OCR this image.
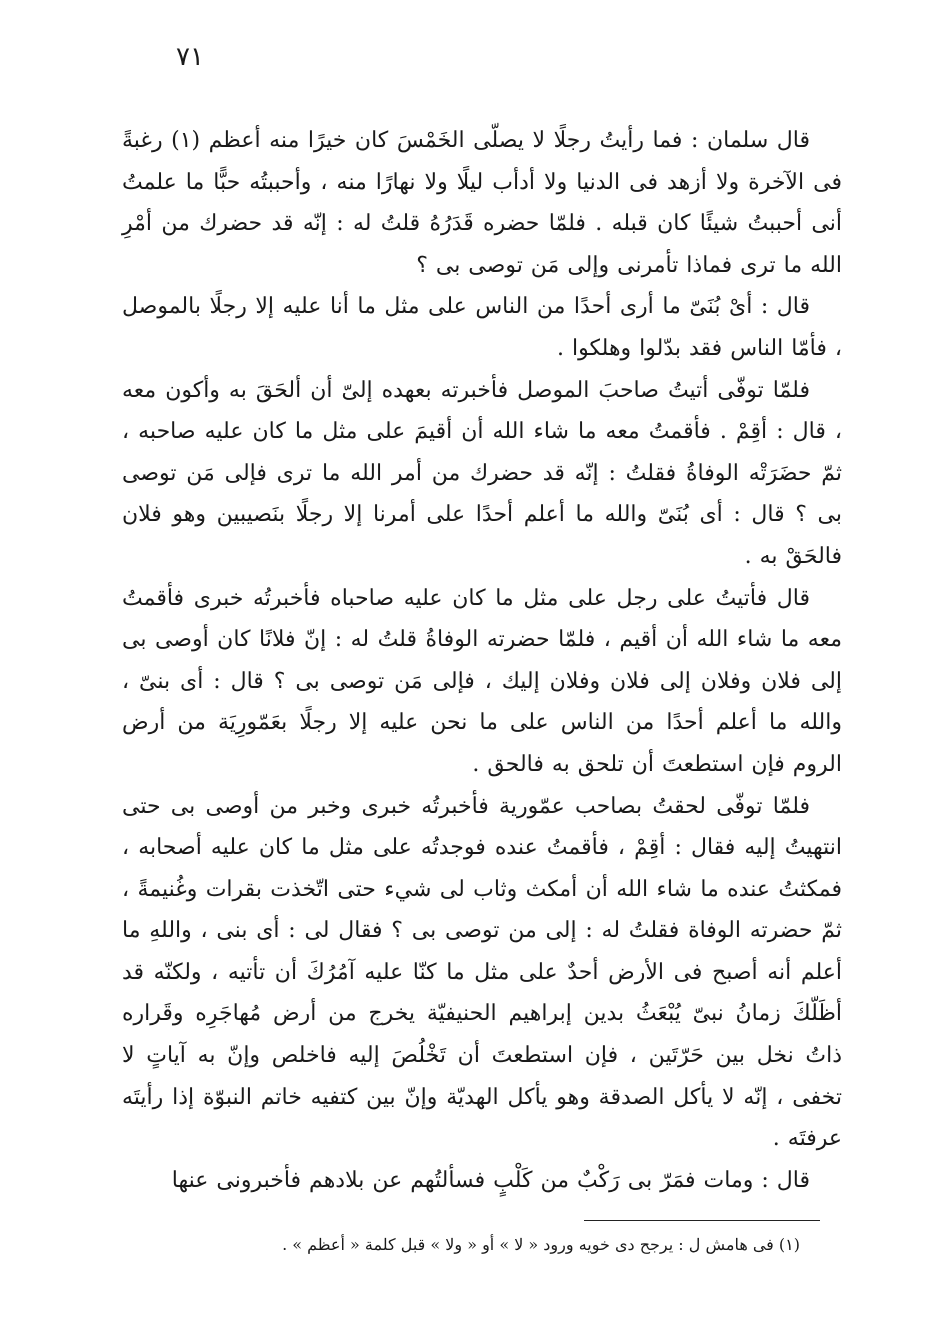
٧١

قال سلمان : فما رأيتُ رجلًا لا يصلّى الخَمْسَ كان خيرًا منه أعظم (١) رغبةً فى الآخرة ولا أزهد فى الدنيا ولا أدأب ليلًا ولا نهارًا منه ، وأحببتُه حبًّا ما علمتُ أنى أحببتُ شيئًا كان قبله . فلمّا حضره قَدَرُهُ قلتُ له : إنّه قد حضرك من أمْرِ الله ما ترى فماذا تأمرنى وإلى مَن توصى بى ؟

قال : أىْ بُنَىّ ما أرى أحدًا من الناس على مثل ما أنا عليه إلا رجلًا بالموصل ، فأمّا الناس فقد بدّلوا وهلكوا .

فلمّا توفّى أتيتُ صاحبَ الموصل فأخبرته بعهده إلىّ أن ألحَقَ به وأكون معه ، قال : أقِمْ . فأقمتُ معه ما شاء الله أن أقيمَ على مثل ما كان عليه صاحبه ، ثمّ حضَرَتْه الوفاةُ فقلتُ : إنّه قد حضرك من أمر الله ما ترى فإلى مَن توصى بى ؟ قال : أى بُنَىّ والله ما أعلم أحدًا على أمرنا إلا رجلًا بنَصيبين وهو فلان فالحَقْ به .

قال فأتيتُ على رجل على مثل ما كان عليه صاحباه فأخبرتُه خبرى فأقمتُ معه ما شاء الله أن أقيم ، فلمّا حضرته الوفاةُ قلتُ له : إنّ فلانًا كان أوصى بى إلى فلان وفلان إلى فلان وفلان إليك ، فإلى مَن توصى بى ؟ قال : أى بنىّ ، والله ما أعلم أحدًا من الناس على ما نحن عليه إلا رجلًا بعَمّورِيَة من أرض الروم فإن استطعتَ أن تلحق به فالحق .

فلمّا توفّى لحقتُ بصاحب عمّورية فأخبرتُه خبرى وخبر من أوصى بى حتى انتهيتُ إليه فقال : أقِمْ ، فأقمتُ عنده فوجدتُه على مثل ما كان عليه أصحابه ، فمكثتُ عنده ما شاء الله أن أمكث وثاب لى شيء حتى اتّخذت بقرات وغُنيمةً ، ثمّ حضرته الوفاة فقلتُ له : إلى من توصى بى ؟ فقال لى : أى بنى ، واللهِ ما أعلم أنه أصبح فى الأرض أحدٌ على مثل ما كنّا عليه آمُرُكَ أن تأتيه ، ولكنّه قد أظَلّكَ زمانُ نبىّ يُبْعَثُ بدين إبراهيم الحنيفيّة يخرج من أرض مُهاجَرِه وقَراره ذاتُ نخل بين حَرّتَين ، فإن استطعتَ أن تَخْلُصَ إليه فاخلص وإنّ به آياتٍ لا تخفى ، إنّه لا يأكل الصدقة وهو يأكل الهديّة وإنّ بين كتفيه خاتم النبوّة إذا رأيتَه عرفتَه .

قال : ومات فمَرّ بى رَكْبٌ من كَلْبٍ فسألتُهم عن بلادهم فأخبرونى عنها

(١) فى هامش ل : يرجح دى خويه ورود « لا » أو « ولا » قبل كلمة « أعظم » .
